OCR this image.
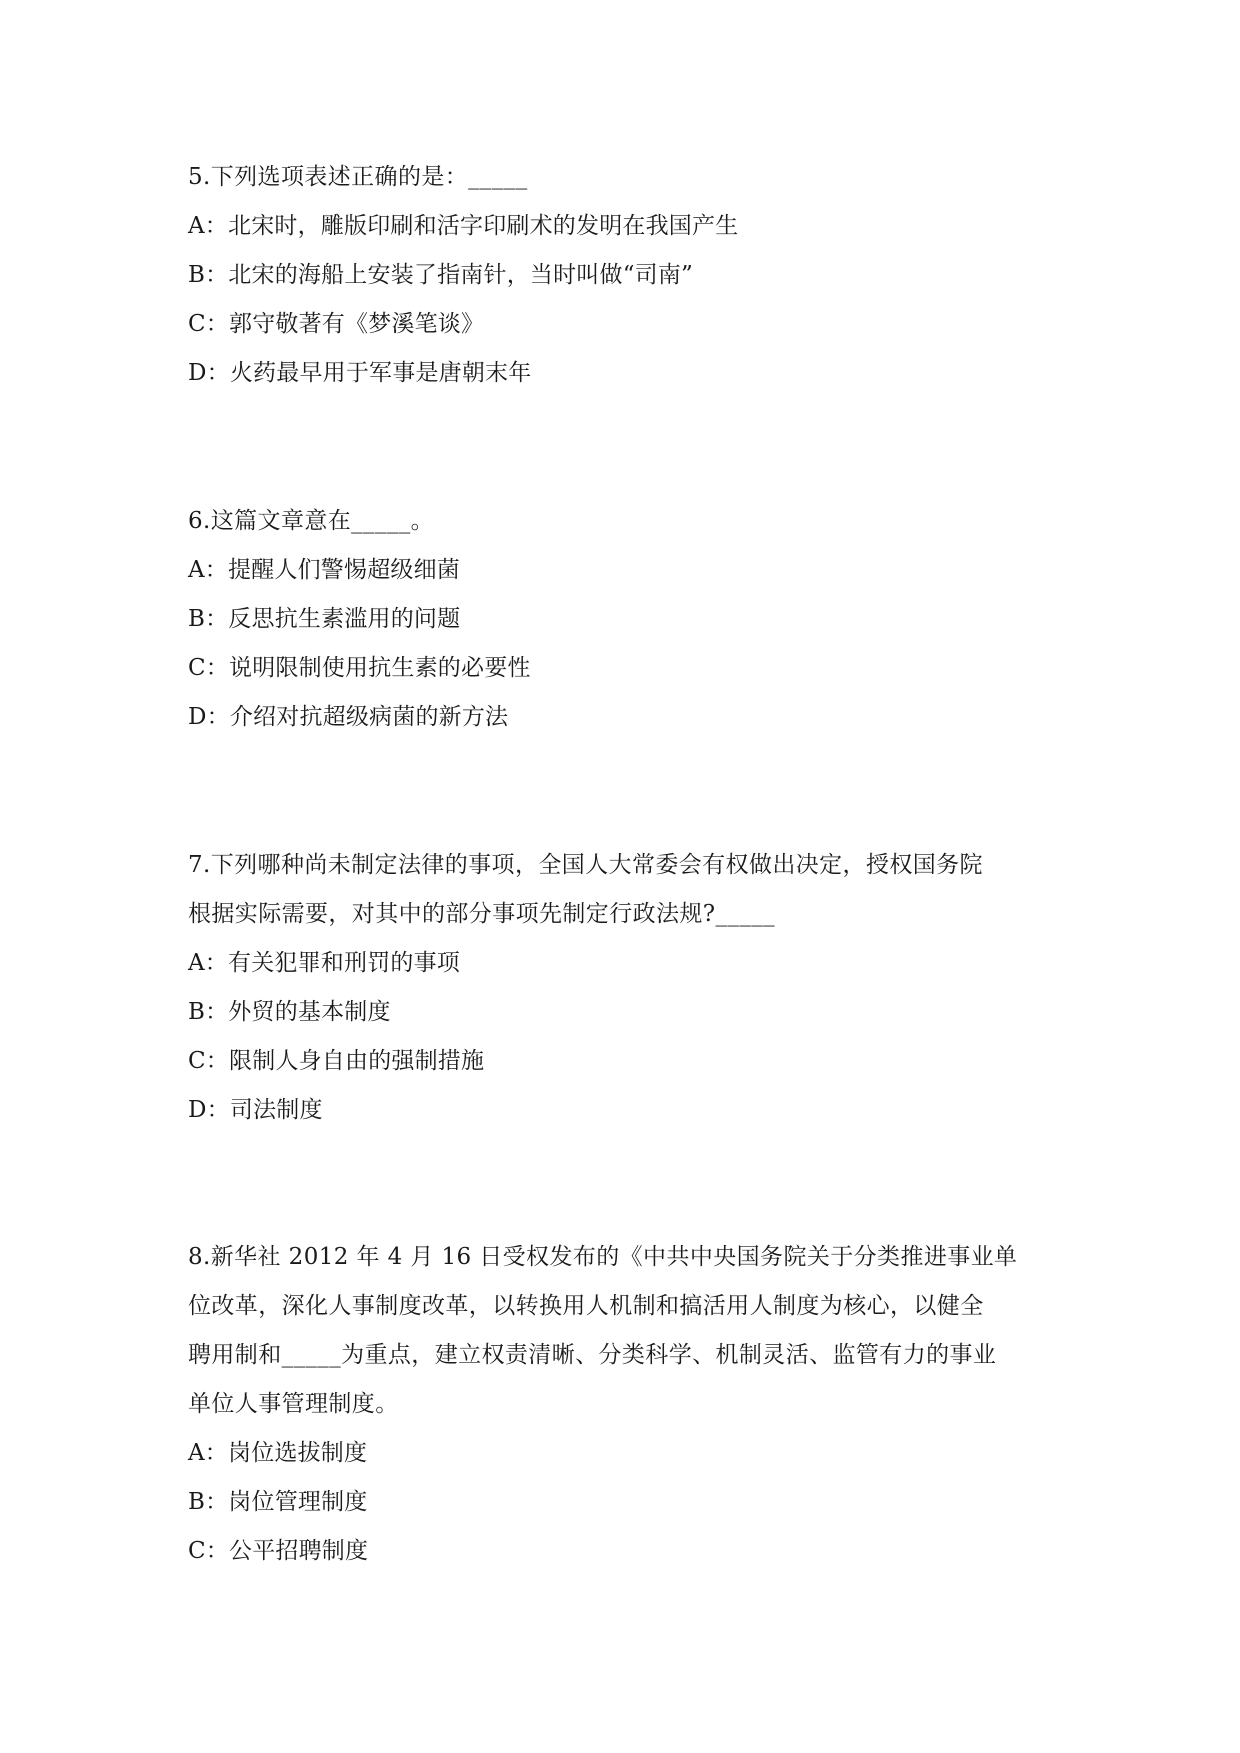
5.下列选项表述正确的是：_____
A：北宋时，雕版印刷和活字印刷术的发明在我国产生
B：北宋的海船上安装了指南针，当时叫做“司南”
C：郭守敬著有《梦溪笔谈》
D：火药最早用于军事是唐朝末年
6.这篇文章意在_____。
A：提醒人们警惕超级细菌
B：反思抗生素滥用的问题
C：说明限制使用抗生素的必要性
D：介绍对抗超级病菌的新方法
7.下列哪种尚未制定法律的事项，全国人大常委会有权做出决定，授权国务院
根据实际需要，对其中的部分事项先制定行政法规?_____
A：有关犯罪和刑罚的事项
B：外贸的基本制度
C：限制人身自由的强制措施
D：司法制度
8.新华社 2012 年 4 月 16 日受权发布的《中共中央国务院关于分类推进事业单
位改革，深化人事制度改革，以转换用人机制和搞活用人制度为核心，以健全
聘用制和_____为重点，建立权责清晰、分类科学、机制灵活、监管有力的事业
单位人事管理制度。
A：岗位选拔制度
B：岗位管理制度
C：公平招聘制度
